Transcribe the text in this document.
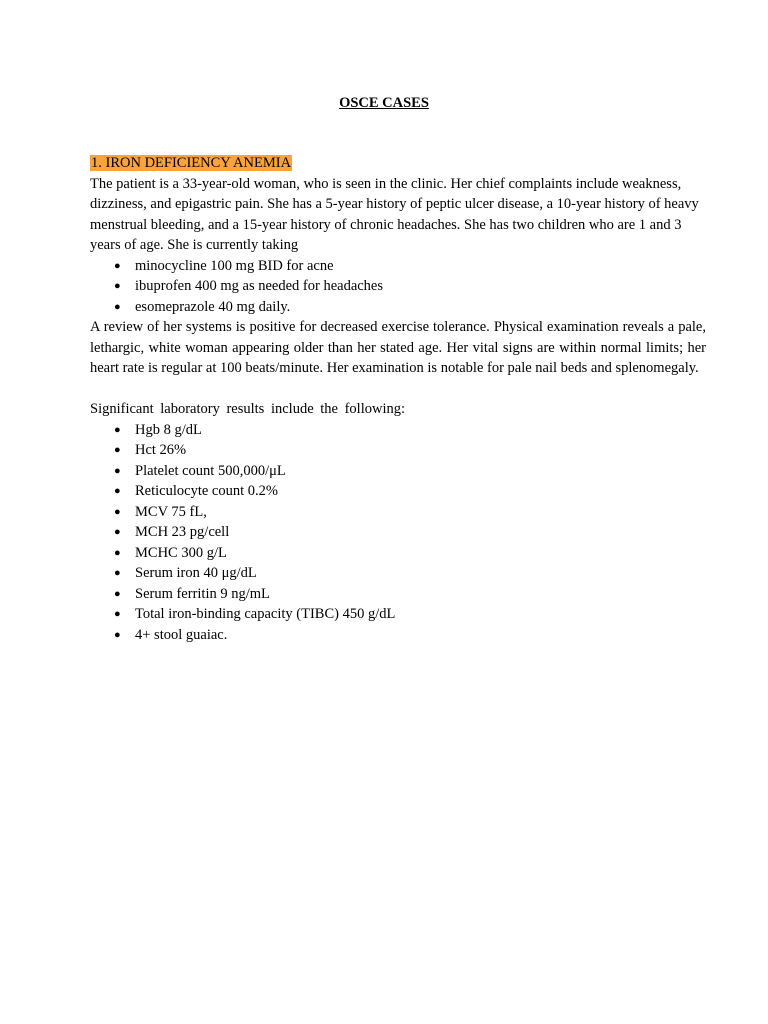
OSCE CASES

1. IRON DEFICIENCY ANEMIA

The patient is a 33-year-old woman, who is seen in the clinic. Her chief complaints include weakness, dizziness, and epigastric pain. She has a 5-year history of peptic ulcer disease, a 10-year history of heavy menstrual bleeding, and a 15-year history of chronic headaches. She has two children who are 1 and 3 years of age. She is currently taking

● minocycline 100 mg BID for acne
● ibuprofen 400 mg as needed for headaches
● esomeprazole 40 mg daily.

A review of her systems is positive for decreased exercise tolerance. Physical examination reveals a pale, lethargic, white woman appearing older than her stated age. Her vital signs are within normal limits; her heart rate is regular at 100 beats/minute. Her examination is notable for pale nail beds and splenomegaly.

Significant laboratory results include the following:

● Hgb 8 g/dL
● Hct 26%
● Platelet count 500,000/μL
● Reticulocyte count 0.2%
● MCV 75 fL,
● MCH 23 pg/cell
● MCHC 300 g/L
● Serum iron 40 μg/dL
● Serum ferritin 9 ng/mL
● Total iron-binding capacity (TIBC) 450 g/dL
● 4+ stool guaiac.
